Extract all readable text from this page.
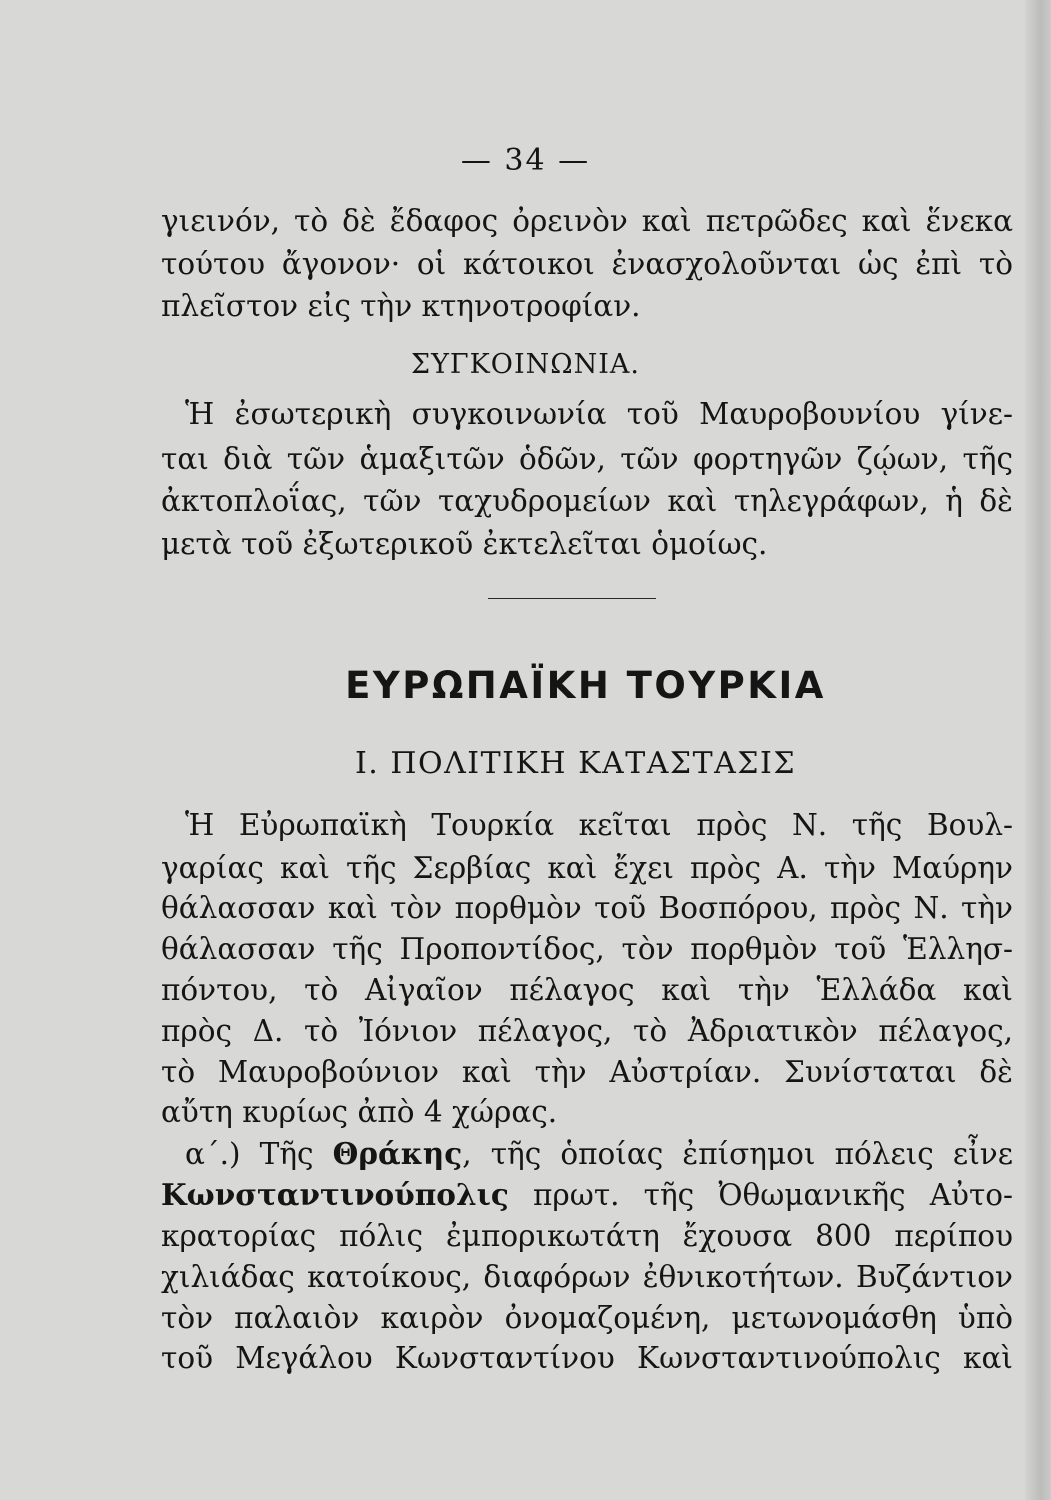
— 34 —
γιεινόν, τὸ δὲ ἔδαφος ὀρεινὸν καὶ πετρῶδες καὶ ἕνεκα
τούτου ἄγονον· οἱ κάτοικοι ἐνασχολοῦνται ὡς ἐπὶ τὸ
πλεῖστον εἰς τὴν κτηνοτροφίαν.
ΣΥΓΚΟΙΝΩΝΙΑ.
Ἡ ἐσωτερικὴ συγκοινωνία τοῦ Μαυροβουνίου γίνε-
ται διὰ τῶν ἁμαξιτῶν ὁδῶν, τῶν φορτηγῶν ζῴων, τῆς
ἀκτοπλοΐας, τῶν ταχυδρομείων καὶ τηλεγράφων, ἡ δὲ
μετὰ τοῦ ἐξωτερικοῦ ἐκτελεῖται ὁμοίως.
ΕΥΡΩΠΑΪΚΗ ΤΟΥΡΚΙΑ
Ι. ΠΟΛΙΤΙΚΗ ΚΑΤΑΣΤΑΣΙΣ
Ἡ Εὐρωπαϊκὴ Τουρκία κεῖται πρὸς Ν. τῆς Βουλ-
γαρίας καὶ τῆς Σερβίας καὶ ἔχει πρὸς Α. τὴν Μαύρην
θάλασσαν καὶ τὸν πορθμὸν τοῦ Βοσπόρου, πρὸς Ν. τὴν
θάλασσαν τῆς Προποντίδος, τὸν πορθμὸν τοῦ Ἑλλησ-
πόντου, τὸ Αἰγαῖον πέλαγος καὶ τὴν Ἑλλάδα καὶ
πρὸς Δ. τὸ Ἰόνιον πέλαγος, τὸ Ἀδριατικὸν πέλαγος,
τὸ Μαυροβούνιον καὶ τὴν Αὐστρίαν. Συνίσταται δὲ
αὔτη κυρίως ἀπὸ 4 χώρας.
α΄.) Τῆς Θράκης, τῆς ὁποίας ἐπίσημοι πόλεις εἶνε
Κωνσταντινούπολις πρωτ. τῆς Ὀθωμανικῆς Αὐτο-
κρατορίας πόλις ἐμπορικωτάτη ἔχουσα 800 περίπου
χιλιάδας κατοίκους, διαφόρων ἐθνικοτήτων. Βυζάντιον
τὸν παλαιὸν καιρὸν ὀνομαζομένη, μετωνομάσθη ὑπὸ
τοῦ Μεγάλου Κωνσταντίνου Κωνσταντινούπολις καὶ
